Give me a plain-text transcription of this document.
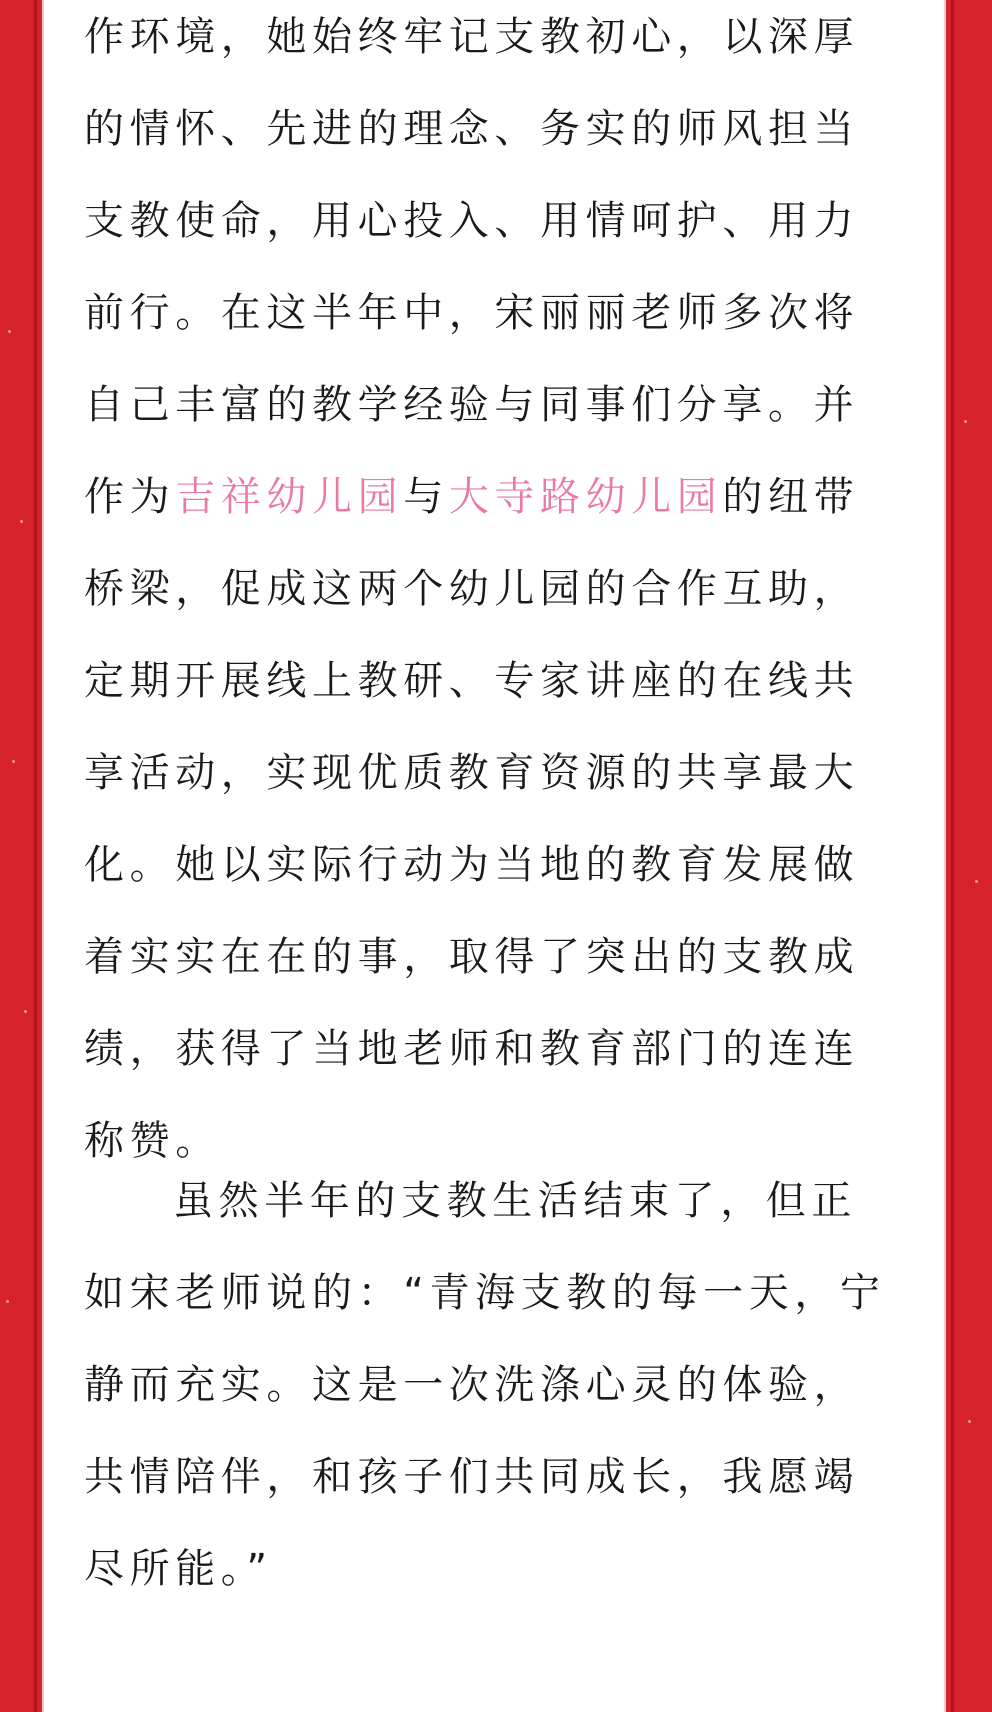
作环境，她始终牢记支教初心，以深厚
的情怀、先进的理念、务实的师风担当
支教使命，用心投入、用情呵护、用力
前行。在这半年中，宋丽丽老师多次将
自己丰富的教学经验与同事们分享。并
作为吉祥幼儿园与大寺路幼儿园的纽带
桥梁，促成这两个幼儿园的合作互助，
定期开展线上教研、专家讲座的在线共
享活动，实现优质教育资源的共享最大
化。她以实际行动为当地的教育发展做
着实实在在的事，取得了突出的支教成
绩，获得了当地老师和教育部门的连连
称赞。
虽然半年的支教生活结束了，但正
如宋老师说的：“青海支教的每一天，宁
静而充实。这是一次洗涤心灵的体验，
共情陪伴，和孩子们共同成长，我愿竭
尽所能。”
